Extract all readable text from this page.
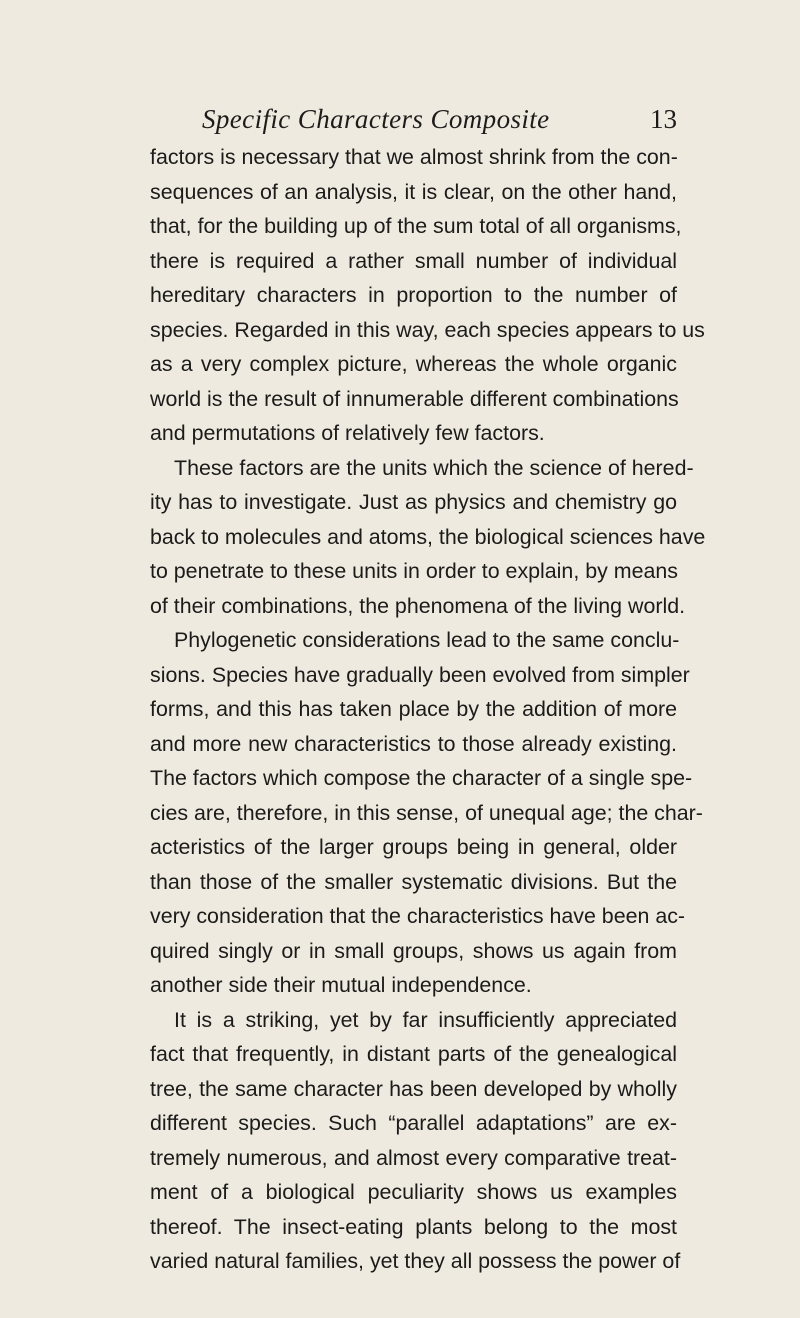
Specific Characters Composite	13
factors is necessary that we almost shrink from the con-
sequences of an analysis, it is clear, on the other hand,
that, for the building up of the sum total of all organisms,
there is required a rather small number of individual
hereditary characters in proportion to the number of
species. Regarded in this way, each species appears to us
as a very complex picture, whereas the whole organic
world is the result of innumerable different combinations
and permutations of relatively few factors.
These factors are the units which the science of hered-
ity has to investigate. Just as physics and chemistry go
back to molecules and atoms, the biological sciences have
to penetrate to these units in order to explain, by means
of their combinations, the phenomena of the living world.
Phylogenetic considerations lead to the same conclu-
sions. Species have gradually been evolved from simpler
forms, and this has taken place by the addition of more
and more new characteristics to those already existing.
The factors which compose the character of a single spe-
cies are, therefore, in this sense, of unequal age; the char-
acteristics of the larger groups being in general, older
than those of the smaller systematic divisions. But the
very consideration that the characteristics have been ac-
quired singly or in small groups, shows us again from
another side their mutual independence.
It is a striking, yet by far insufficiently appreciated
fact that frequently, in distant parts of the genealogical
tree, the same character has been developed by wholly
different species. Such “parallel adaptations” are ex-
tremely numerous, and almost every comparative treat-
ment of a biological peculiarity shows us examples
thereof. The insect-eating plants belong to the most
varied natural families, yet they all possess the power of
